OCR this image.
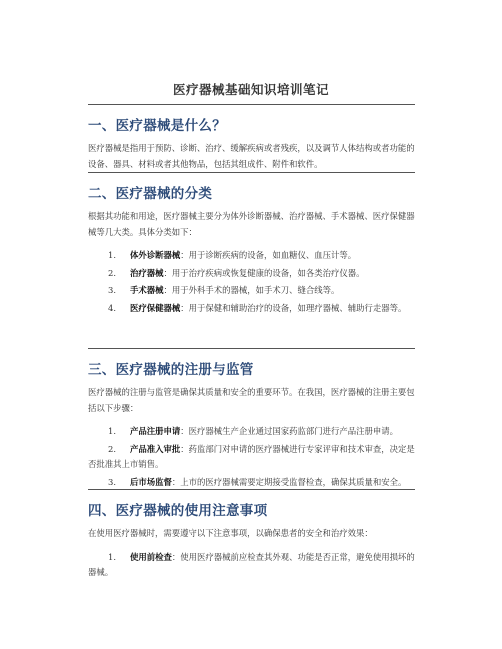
医疗器械基础知识培训笔记
一、医疗器械是什么？
医疗器械是指用于预防、诊断、治疗、缓解疾病或者残疾，以及调节人体结构或者功能的设备、器具、材料或者其他物品，包括其组成件、附件和软件。
二、医疗器械的分类
根据其功能和用途，医疗器械主要分为体外诊断器械、治疗器械、手术器械、医疗保健器械等几大类。具体分类如下：
1. 体外诊断器械：用于诊断疾病的设备，如血糖仪、血压计等。
2. 治疗器械：用于治疗疾病或恢复健康的设备，如各类治疗仪器。
3. 手术器械：用于外科手术的器械，如手术刀、缝合线等。
4. 医疗保健器械：用于保健和辅助治疗的设备，如理疗器械、辅助行走器等。
三、医疗器械的注册与监管
医疗器械的注册与监管是确保其质量和安全的重要环节。在我国，医疗器械的注册主要包括以下步骤：
1. 产品注册申请：医疗器械生产企业通过国家药监部门进行产品注册申请。
2. 产品准入审批：药监部门对申请的医疗器械进行专家评审和技术审查，决定是否批准其上市销售。
3. 后市场监督：上市的医疗器械需要定期接受监督检查，确保其质量和安全。
四、医疗器械的使用注意事项
在使用医疗器械时，需要遵守以下注意事项，以确保患者的安全和治疗效果：
1. 使用前检查：使用医疗器械前应检查其外观、功能是否正常，避免使用损坏的器械。
